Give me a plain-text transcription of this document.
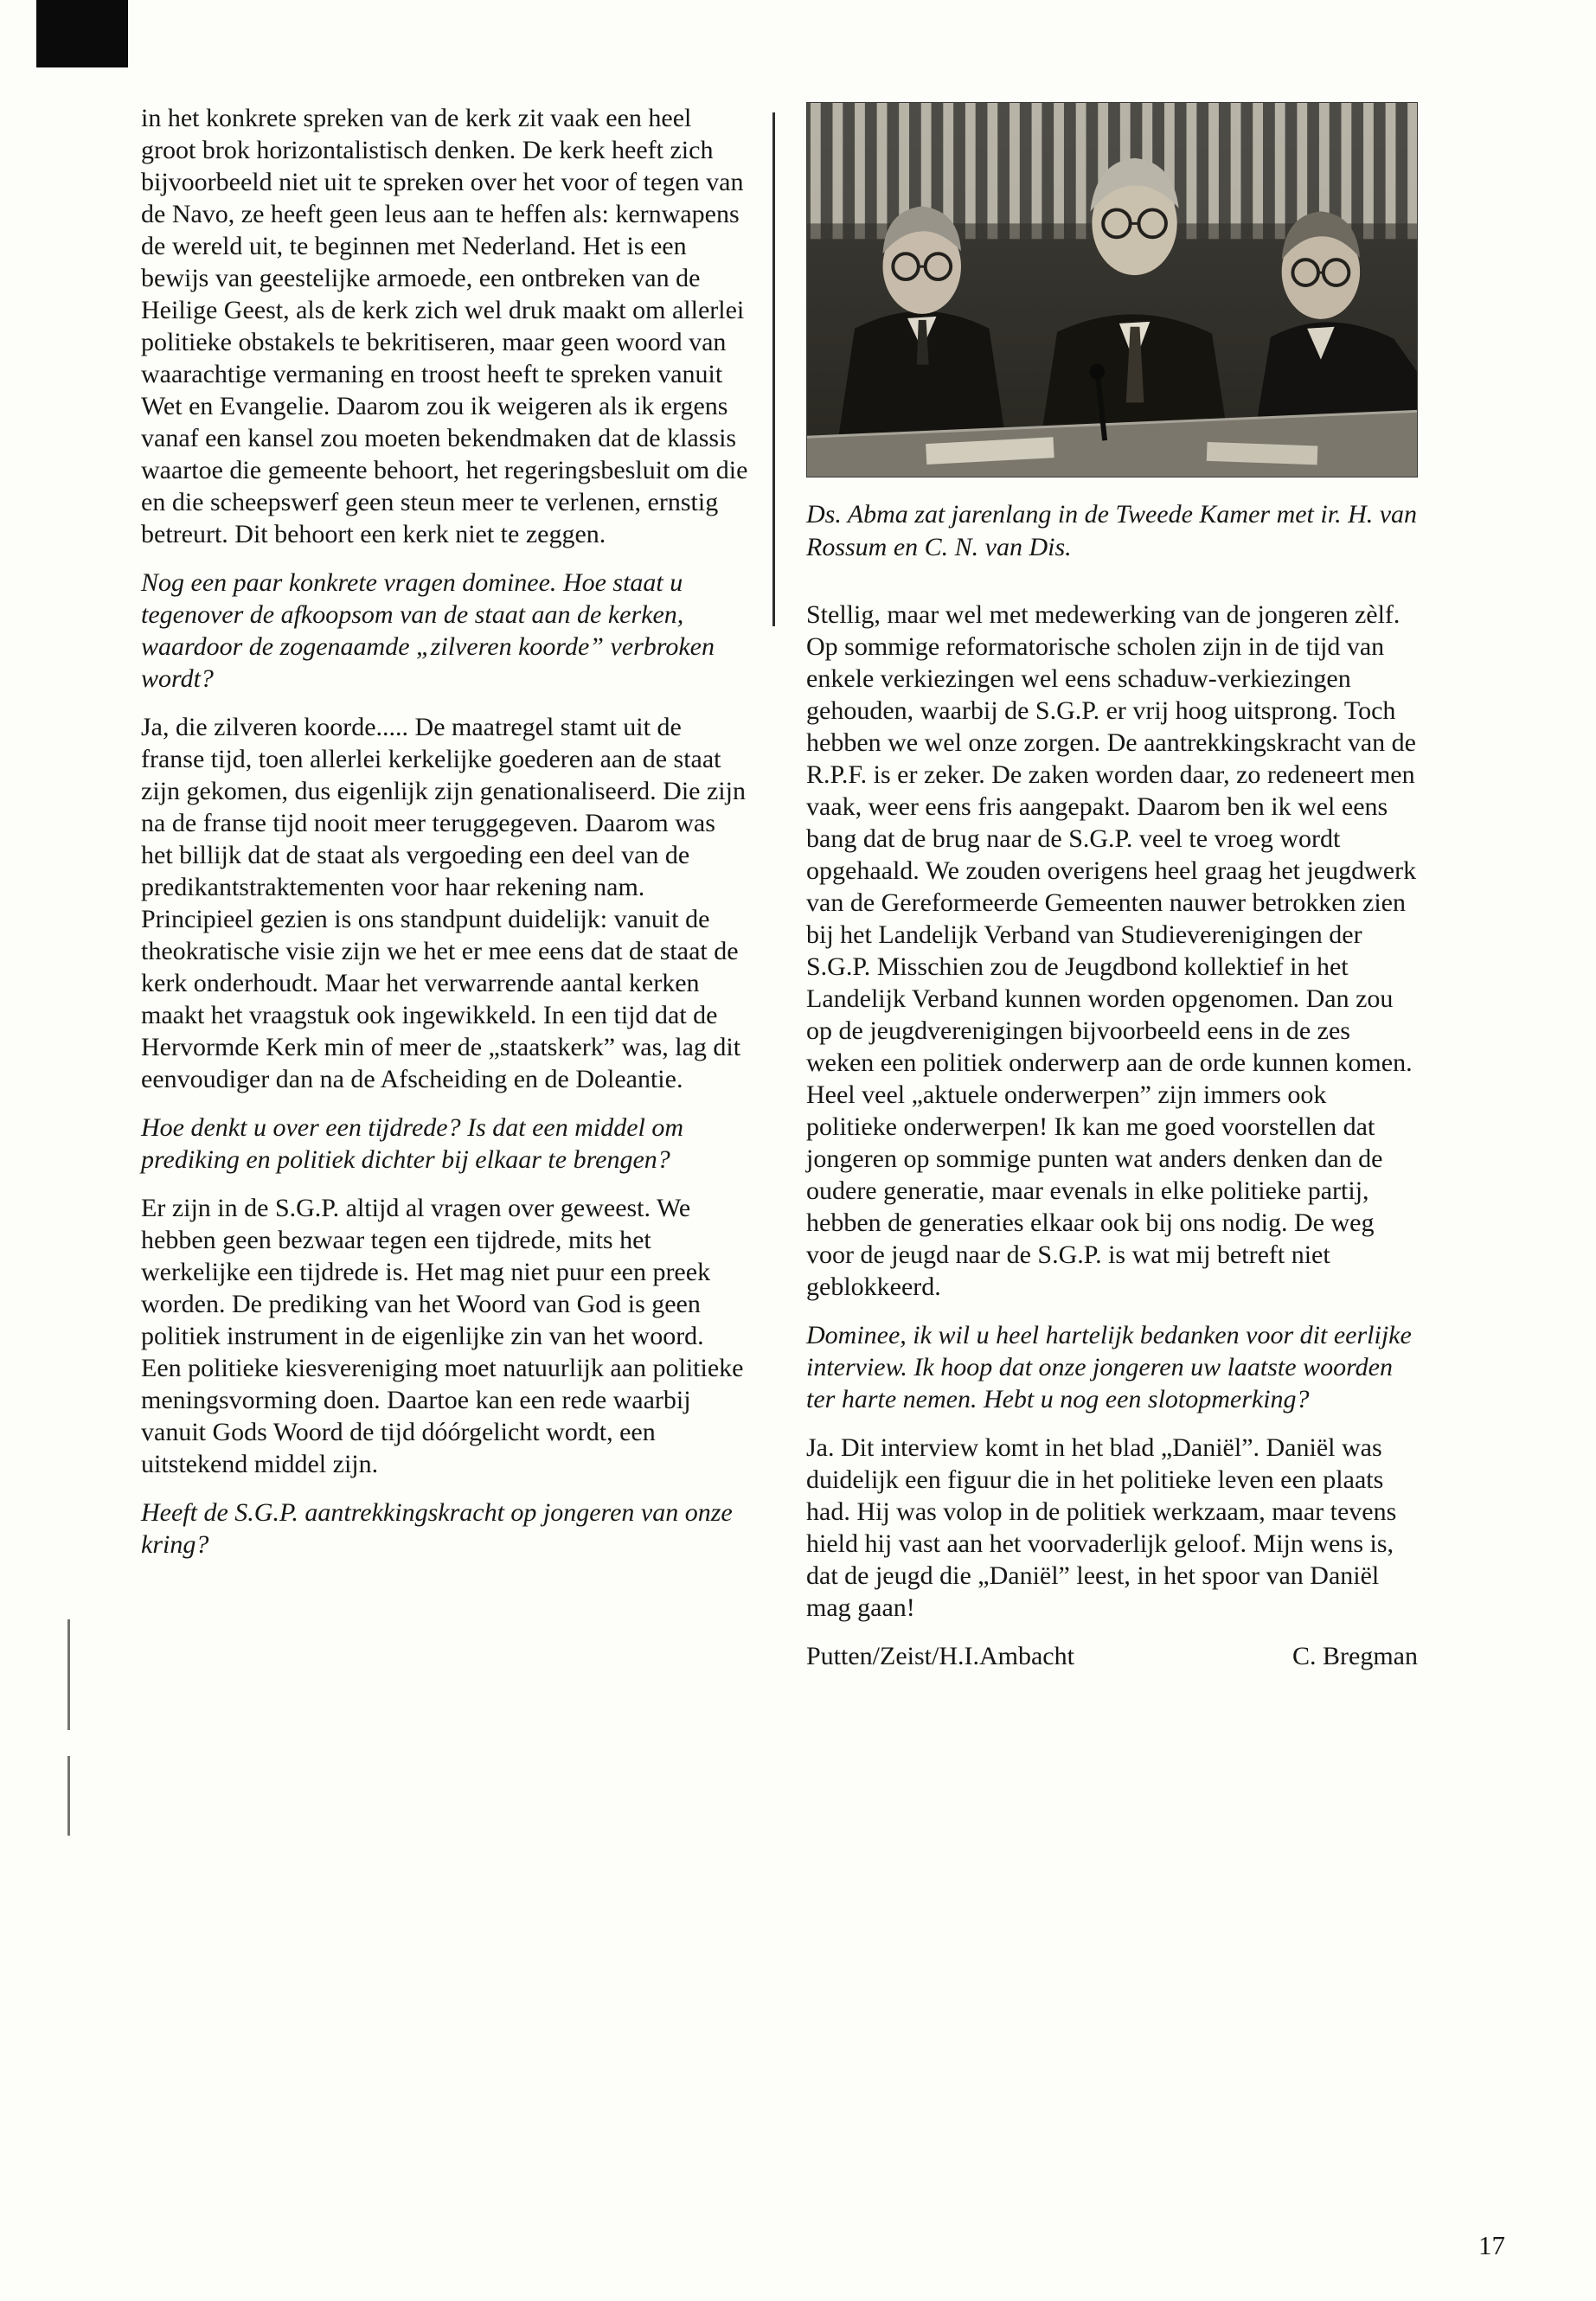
in het konkrete spreken van de kerk zit vaak een heel groot brok horizontalistisch denken. De kerk heeft zich bijvoorbeeld niet uit te spreken over het voor of tegen van de Navo, ze heeft geen leus aan te heffen als: kernwapens de wereld uit, te beginnen met Nederland. Het is een bewijs van geestelijke armoede, een ontbreken van de Heilige Geest, als de kerk zich wel druk maakt om allerlei politieke obstakels te bekritiseren, maar geen woord van waarachtige vermaning en troost heeft te spreken vanuit Wet en Evangelie. Daarom zou ik weigeren als ik ergens vanaf een kansel zou moeten bekendmaken dat de klassis waartoe die gemeente behoort, het regeringsbesluit om die en die scheepswerf geen steun meer te verlenen, ernstig betreurt. Dit behoort een kerk niet te zeggen.

Nog een paar konkrete vragen dominee. Hoe staat u tegenover de afkoopsom van de staat aan de kerken, waardoor de zogenaamde „zilveren koorde” verbroken wordt?

Ja, die zilveren koorde..... De maatregel stamt uit de franse tijd, toen allerlei kerkelijke goederen aan de staat zijn gekomen, dus eigenlijk zijn genationaliseerd. Die zijn na de franse tijd nooit meer teruggegeven. Daarom was het billijk dat de staat als vergoeding een deel van de predikantstraktementen voor haar rekening nam. Principieel gezien is ons standpunt duidelijk: vanuit de theokratische visie zijn we het er mee eens dat de staat de kerk onderhoudt. Maar het verwarrende aantal kerken maakt het vraagstuk ook ingewikkeld. In een tijd dat de Hervormde Kerk min of meer de „staatskerk” was, lag dit eenvoudiger dan na de Afscheiding en de Doleantie.

Hoe denkt u over een tijdrede? Is dat een middel om prediking en politiek dichter bij elkaar te brengen?

Er zijn in de S.G.P. altijd al vragen over geweest. We hebben geen bezwaar tegen een tijdrede, mits het werkelijke een tijdrede is. Het mag niet puur een preek worden. De prediking van het Woord van God is geen politiek instrument in de eigenlijke zin van het woord. Een politieke kiesvereniging moet natuurlijk aan politieke meningsvorming doen. Daartoe kan een rede waarbij vanuit Gods Woord de tijd dóórgelicht wordt, een uitstekend middel zijn.

Heeft de S.G.P. aantrekkingskracht op jongeren van onze kring?

Ds. Abma zat jarenlang in de Tweede Kamer met ir. H. van Rossum en C. N. van Dis.

Stellig, maar wel met medewerking van de jongeren zèlf. Op sommige reformatorische scholen zijn in de tijd van enkele verkiezingen wel eens schaduw-verkiezingen gehouden, waarbij de S.G.P. er vrij hoog uitsprong. Toch hebben we wel onze zorgen. De aantrekkingskracht van de R.P.F. is er zeker. De zaken worden daar, zo redeneert men vaak, weer eens fris aangepakt. Daarom ben ik wel eens bang dat de brug naar de S.G.P. veel te vroeg wordt opgehaald. We zouden overigens heel graag het jeugdwerk van de Gereformeerde Gemeenten nauwer betrokken zien bij het Landelijk Verband van Studieverenigingen der S.G.P. Misschien zou de Jeugdbond kollektief in het Landelijk Verband kunnen worden opgenomen. Dan zou op de jeugdverenigingen bijvoorbeeld eens in de zes weken een politiek onderwerp aan de orde kunnen komen. Heel veel „aktuele onderwerpen” zijn immers ook politieke onderwerpen! Ik kan me goed voorstellen dat jongeren op sommige punten wat anders denken dan de oudere generatie, maar evenals in elke politieke partij, hebben de generaties elkaar ook bij ons nodig. De weg voor de jeugd naar de S.G.P. is wat mij betreft niet geblokkeerd.

Dominee, ik wil u heel hartelijk bedanken voor dit eerlijke interview. Ik hoop dat onze jongeren uw laatste woorden ter harte nemen. Hebt u nog een slotopmerking?

Ja. Dit interview komt in het blad „Daniël”. Daniël was duidelijk een figuur die in het politieke leven een plaats had. Hij was volop in de politiek werkzaam, maar tevens hield hij vast aan het voorvaderlijk geloof. Mijn wens is, dat de jeugd die „Daniël” leest, in het spoor van Daniël mag gaan!

Putten/Zeist/H.I.Ambacht	C. Bregman
17
